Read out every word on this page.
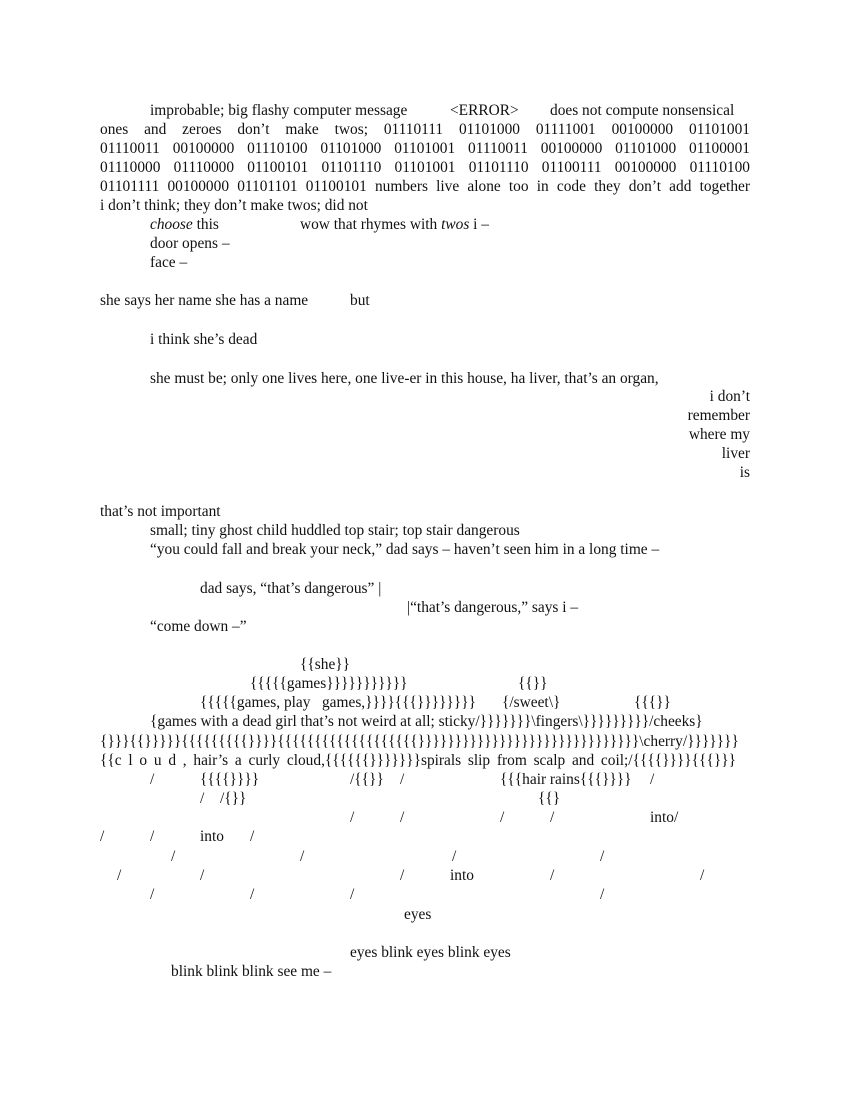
improbable; big flashy computer message	<ERROR> does not compute nonsensical
ones and zeroes don’t make twos; 01110111 01101000 01111001 00100000 01101001
01110011 00100000 01110100 01101000 01101001 01110011 00100000 01101000 01100001
01110000 01110000 01100101 01101110 01101001 01101110 01100111 00100000 01110100
01101111 00100000 01101101 01100101 numbers live alone too in code they don’t add together
i don’t think; they don’t make twos; did not
choose this	wow that rhymes with twos i –
door opens –
face –
she says her name she has a name	but
i think she’s dead
she must be; only one lives here, one live-er in this house, ha liver, that’s an organ,
i don’t
remember
where my
liver
is
that’s not important
small; tiny ghost child huddled top stair; top stair dangerous
“you could fall and break your neck,” dad says – haven’t seen him in a long time –
dad says, “that’s dangerous” |
|“that’s dangerous,” says i –
“come down –”
{{she}}
{{{{{games}}}}}}}}}}}	{{}}
{{{{{games, play   games,}}}}{{{}}}}}}}} {/sweet\}	{{{}}
{games with a dead girl that’s not weird at all; sticky/}}}}}}}\fingers\}}}}}}}}}/cheeks}
{}}}{{}}}}}{{{{{{{{{}}}}{{{{{{{{{{{{{{{{{{{}}}}}}}}}}}}}}}}}}}}}}}}}}}}}}\cherry/}}}}}}}
{{c l o u d , hair’s a curly cloud,{{{{{{}}}}}}}spirals slip from scalp and coil;/{{{{}}}}{{{}}}
/	{{{{}}}}	/{{}} /	{{{hair rains{{{}}}} /
/ /{}}	{{}
/	/	/	/	into/
/	/	into /
/	/	/	/
/	/	/	into	/	/
/	/	/	/
eyes
eyes blink eyes blink eyes
blink blink blink see me –
